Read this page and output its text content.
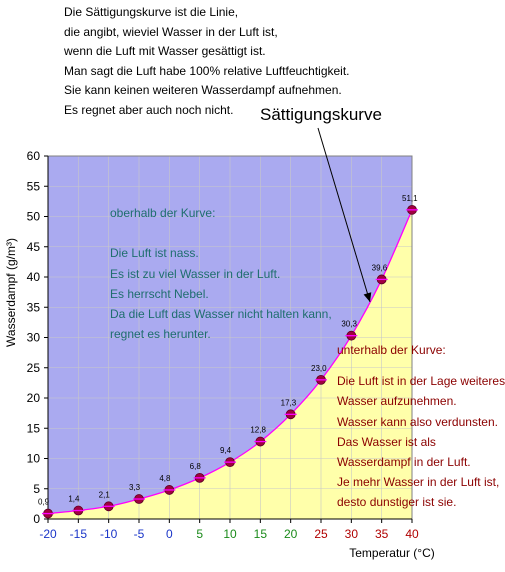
Die Sättigungskurve ist die Linie,
die angibt, wieviel Wasser in der Luft ist,
wenn die Luft mit Wasser gesättigt ist.
Man sagt die Luft habe 100% relative Luftfeuchtigkeit.
Sie kann keinen weiteren Wasserdampf aufnehmen.
Es regnet aber auch noch nicht.	Sättigungskurve
0
5
10
15
20
25
30
35
40
45
50
55
60
-20 -15 -10 -5 0 5 10 15 20 25 30 35 40
Temperatur (°C)
Wasserdampf (g/m³)
0,9 1,4 2,1
3,3
4,8
6,8
9,4
12,8
17,3
23,0
30,3
39,6
51,1
oberhalb der Kurve:

Die Luft ist nass.
Es ist zu viel Wasser in der Luft.
Es herrscht Nebel.
Da die Luft das Wasser nicht halten kann,
regnet es herunter.
unterhalb der Kurve:
Die Luft ist in der Lage weiteres
Wasser aufzunehmen.
Wasser kann also verdunsten.
Das Wasser ist als
Wasserdampf in der Luft.
Je mehr Wasser in der Luft ist,
desto dunstiger ist sie.
